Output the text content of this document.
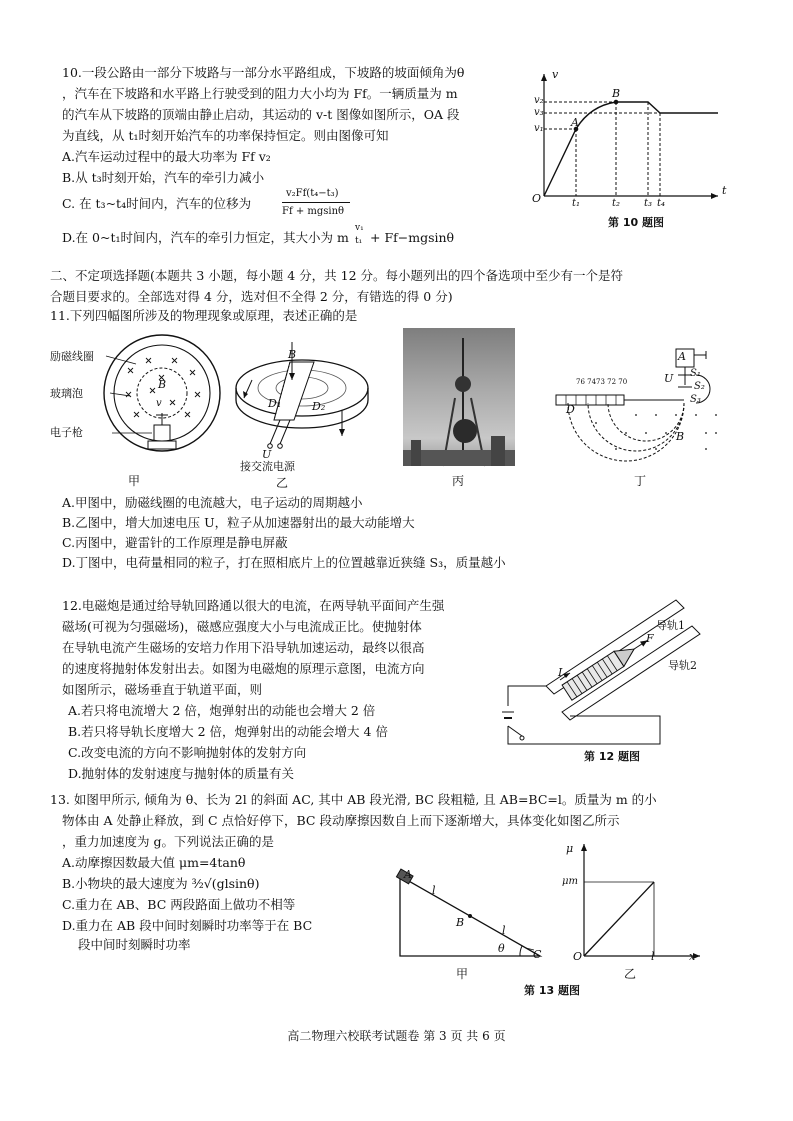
10.一段公路由一部分下坡路与一部分水平路组成，下坡路的坡面倾角为θ
，汽车在下坡路和水平路上行驶受到的阻力大小均为 Ff。一辆质量为 m
的汽车从下坡路的顶端由静止启动，其运动的 v-t 图像如图所示，OA 段
为直线，从 t₁时刻开始汽车的功率保持恒定。则由图像可知
A.汽车运动过程中的最大功率为 Ff v₂
B.从 t₃时刻开始，汽车的牵引力减小
C. 在 t₃~t₄时间内，汽车的位移为
v₂Ff(t₄−t₃)
Ff + mgsinθ
D.在 0~t₁时间内，汽车的牵引力恒定，其大小为 m
v₁
t₁ + Ff−mgsinθ
v
t
O
A
B
v₂
v₃
v₁
t₁	t₂ t₃ t₄
第 10 题图
二、不定项选择题(本题共 3 小题，每小题 4 分，共 12 分。每小题列出的四个备选项中至少有一个是符
合题目要求的。全部选对得 4 分，选对但不全得 2 分，有错选的得 0 分)
11.下列四幅图所涉及的物理现象或原理，表述正确的是
励磁线圈
玻璃泡
电子枪
B
v
甲
B
D₁	D₂
U
接交流电源
乙	丙
A
U S₁
S₂
S₃
D
B
76 7473 72 70
丁
A.甲图中，励磁线圈的电流越大，电子运动的周期越小
B.乙图中，增大加速电压 U，粒子从加速器射出的最大动能增大
C.丙图中，避雷针的工作原理是静电屏蔽
D.丁图中，电荷量相同的粒子，打在照相底片上的位置越靠近狭缝 S₃，质量越小
12.电磁炮是通过给导轨回路通以很大的电流，在两导轨平面间产生强
磁场(可视为匀强磁场)，磁感应强度大小与电流成正比。使抛射体
在导轨电流产生磁场的安培力作用下沿导轨加速运动，最终以很高
的速度将抛射体发射出去。如图为电磁炮的原理示意图，电流方向
如图所示，磁场垂直于轨道平面，则
A.若只将电流增大 2 倍，炮弹射出的动能也会增大 2 倍
B.若只将导轨长度增大 2 倍，炮弹射出的动能会增大 4 倍
C.改变电流的方向不影响抛射体的发射方向
D.抛射体的发射速度与抛射体的质量有关
导轨1
导轨2
F
I
第 12 题图
13. 如图甲所示, 倾角为 θ、长为 2l 的斜面 AC, 其中 AB 段光滑, BC 段粗糙, 且 AB=BC=l。质量为 m 的小
物体由 A 处静止释放，到 C 点恰好停下，BC 段动摩擦因数自上而下逐渐增大，具体变化如图乙所示
，重力加速度为 g。下列说法正确的是
A.动摩擦因数最大值 μm=4tanθ
B.小物块的最大速度为 ³⁄₂√(glsinθ)
C.重力在 AB、BC 两段路面上做功不相等
D.重力在 AB 段中间时刻瞬时功率等于在 BC
段中间时刻瞬时功率
A
l
B
l
θ	C
甲
μ
μm
O	l	x
乙
第 13 题图
高二物理六校联考试题卷 第 3 页 共 6 页
